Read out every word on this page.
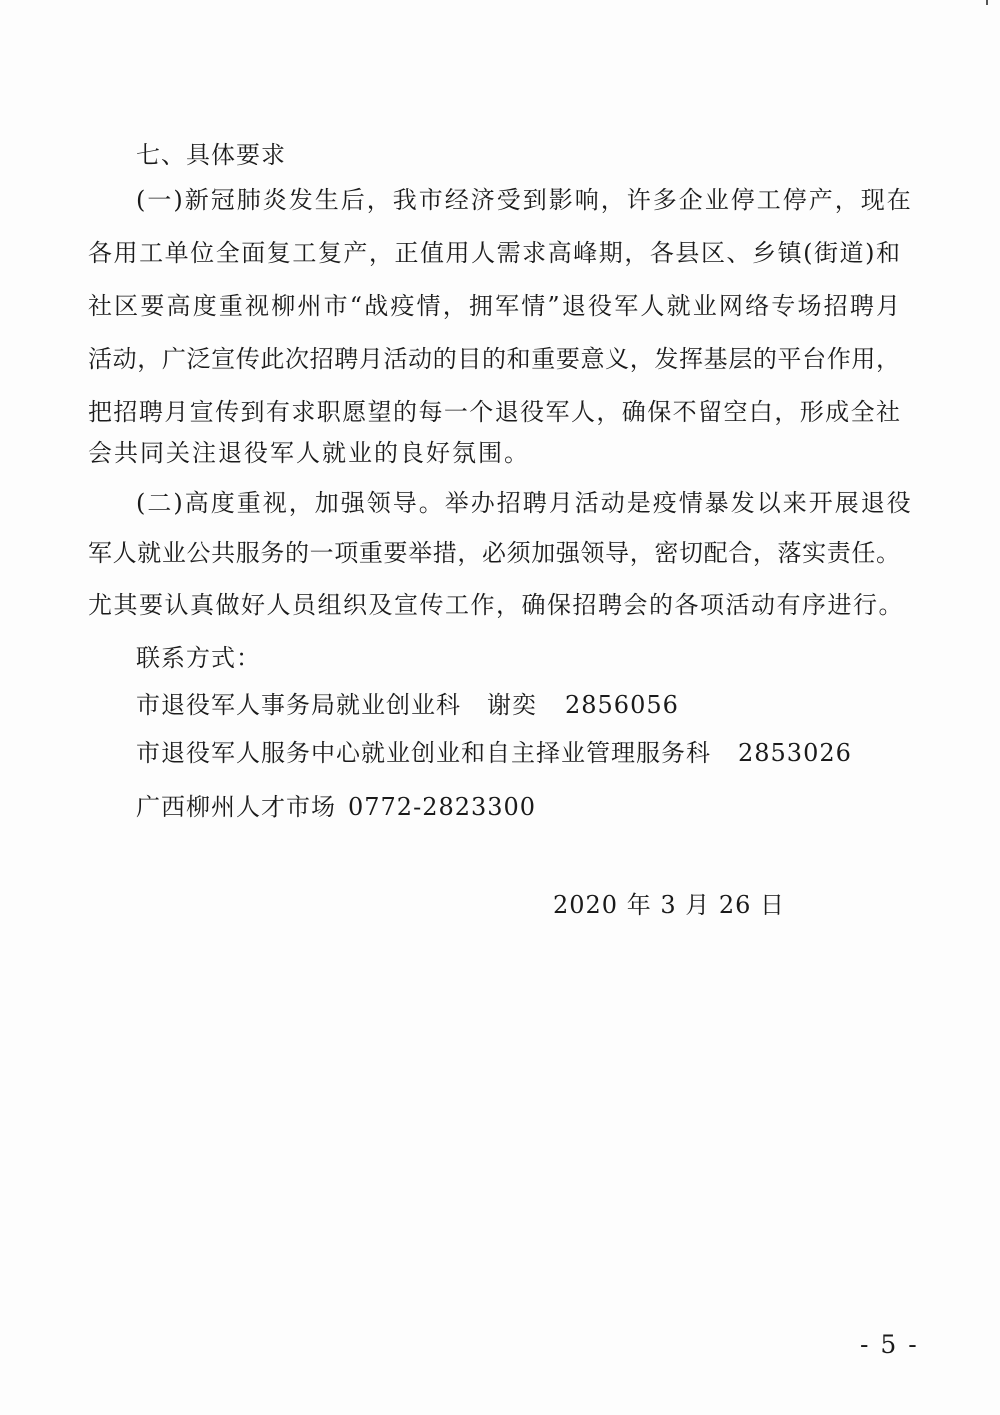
七、具体要求
(一)新冠肺炎发生后，我市经济受到影响，许多企业停工停产，现在
各用工单位全面复工复产，正值用人需求高峰期，各县区、乡镇(街道)和
社区要高度重视柳州市“战疫情，拥军情”退役军人就业网络专场招聘月
活动，广泛宣传此次招聘月活动的目的和重要意义，发挥基层的平台作用，
把招聘月宣传到有求职愿望的每一个退役军人，确保不留空白，形成全社
会共同关注退役军人就业的良好氛围。
(二)高度重视，加强领导。举办招聘月活动是疫情暴发以来开展退役
军人就业公共服务的一项重要举措，必须加强领导，密切配合，落实责任。
尤其要认真做好人员组织及宣传工作，确保招聘会的各项活动有序进行。
联系方式：
市退役军人事务局就业创业科 谢奕 2856056
市退役军人服务中心就业创业和自主择业管理服务科 2853026
广西柳州人才市场 0772-2823300
2020 年 3 月 26 日
- 5 -
